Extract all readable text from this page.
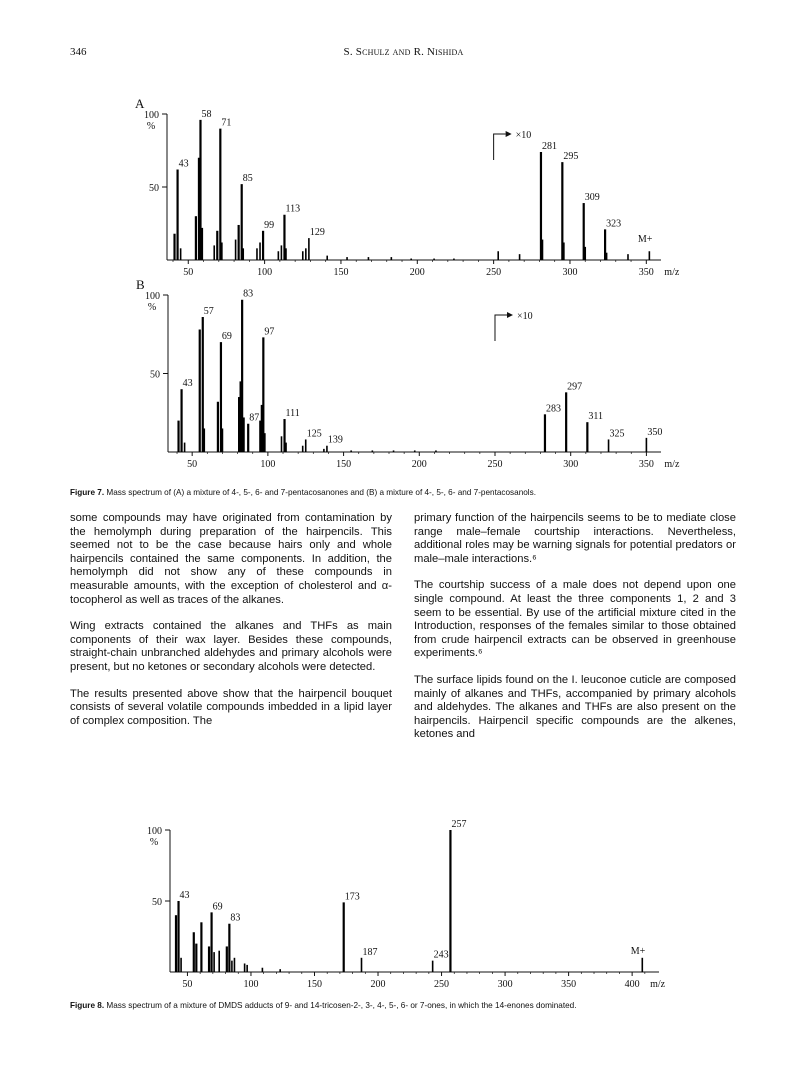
346	S. Schulz and R. Nishida
A
50
100
%
50	100	150	200	250	300	350 m/z
43
58
71
85
99
113
129
281
295
309
323
×10
M+
B
50
100
%
50	100	150	200	250	300	350 m/z
43
57
69
83
87
97
111
125
139
283
297
311
325 350
×10
Figure 7. Mass spectrum of (A) a mixture of 4-, 5-, 6- and 7-pentacosanones and (B) a mixture of 4-, 5-, 6- and 7-pentacosanols.

some compounds may have originated from contamination by the hemolymph during preparation of the hairpencils. This seemed not to be the case because hairs only and whole hairpencils contained the same components. In addition, the hemolymph did not show any of these compounds in measurable amounts, with the exception of cholesterol and α-tocopherol as well as traces of the alkanes.

Wing extracts contained the alkanes and THFs as main components of their wax layer. Besides these compounds, straight-chain unbranched aldehydes and primary alcohols were present, but no ketones or secondary alcohols were detected.

The results presented above show that the hairpencil bouquet consists of several volatile compounds imbedded in a lipid layer of complex composition. The

primary function of the hairpencils seems to be to mediate close range male–female courtship interactions. Nevertheless, additional roles may be warning signals for potential predators or male–male interactions.⁶

The courtship success of a male does not depend upon one single compound. At least the three components 1, 2 and 3 seem to be essential. By use of the artificial mixture cited in the Introduction, responses of the females similar to those obtained from crude hairpencil extracts can be observed in greenhouse experiments.⁶

The surface lipids found on the I. leuconoe cuticle are composed mainly of alkanes and THFs, accompanied by primary alcohols and aldehydes. The alkanes and THFs are also present on the hairpencils. Hairpencil specific compounds are the alkenes, ketones and

50
100
%
50	100	150	200	250	300	350	400 m/z
43
69
83
173
187	243
257
M+
Figure 8. Mass spectrum of a mixture of DMDS adducts of 9- and 14-tricosen-2-, 3-, 4-, 5-, 6- or 7-ones, in which the 14-enones dominated.
